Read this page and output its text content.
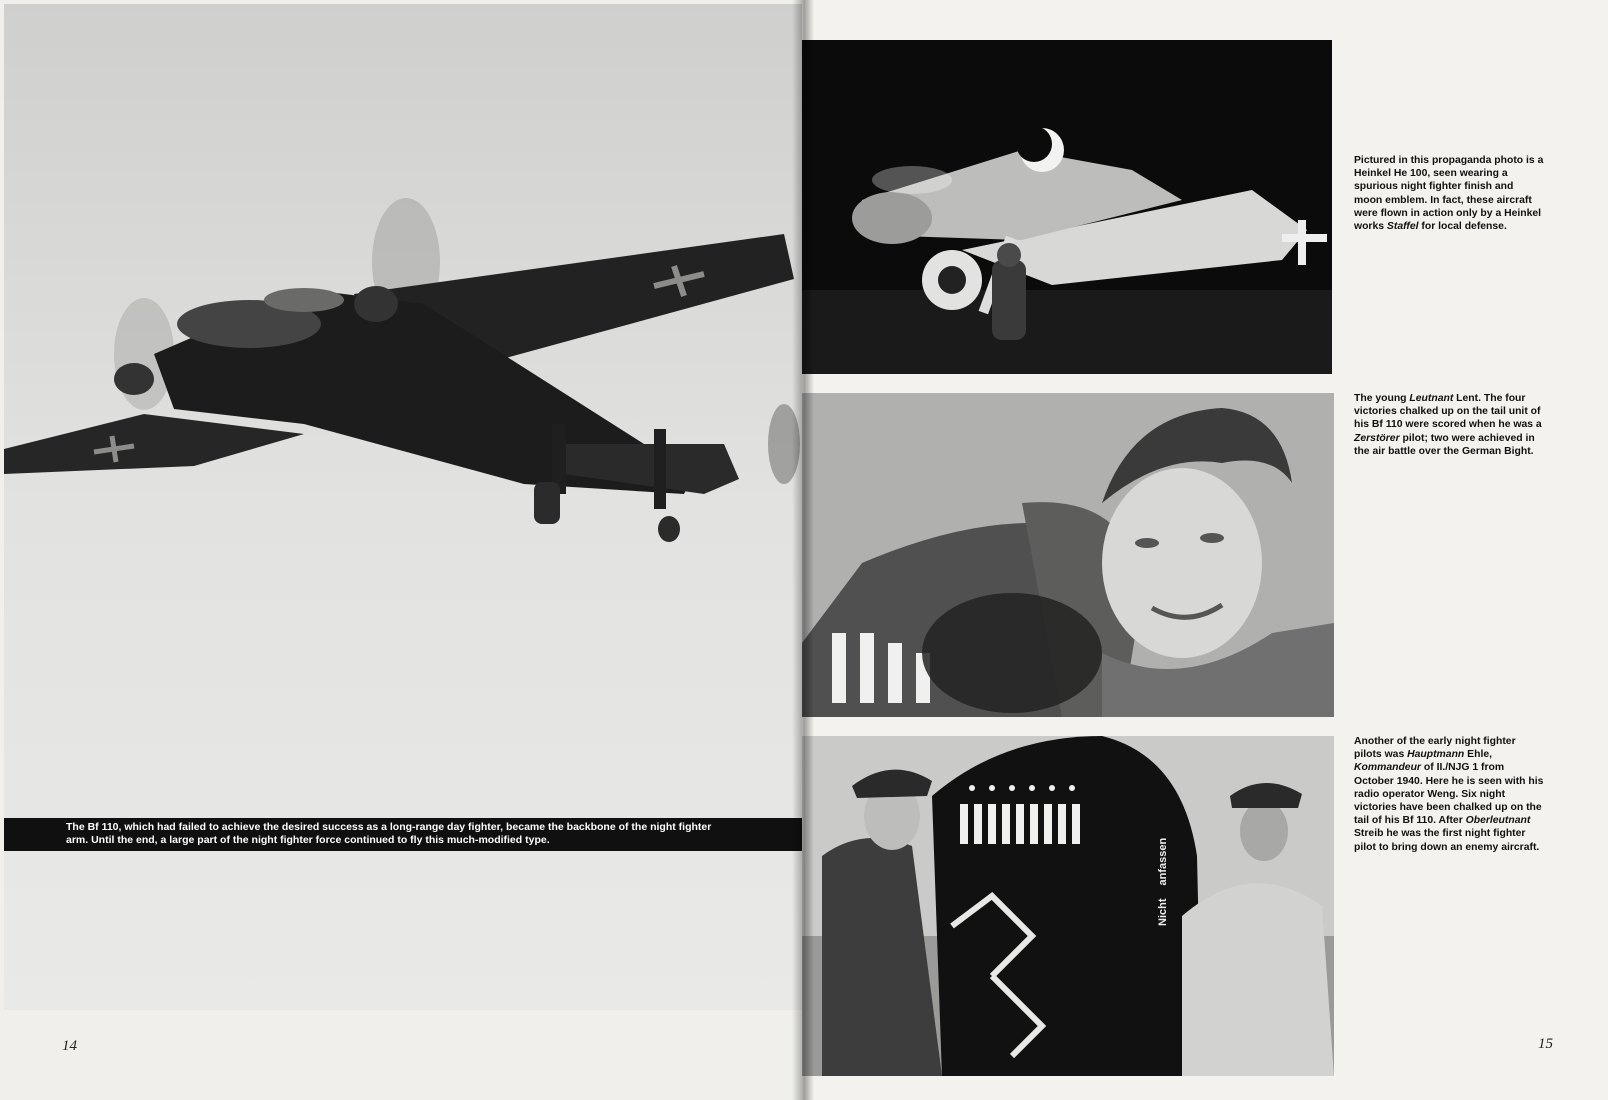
The Bf 110, which had failed to achieve the desired success as a long-range day fighter, became the backbone of the night fighter arm. Until the end, a large part of the night fighter force continued to fly this much-modified type.
14
Nicht anfassen
Pictured in this propaganda photo is a Heinkel He 100, seen wearing a spurious night fighter finish and moon emblem. In fact, these aircraft were flown in action only by a Heinkel works Staffel for local defense.
The young Leutnant Lent. The four victories chalked up on the tail unit of his Bf 110 were scored when he was a Zerstörer pilot; two were achieved in the air battle over the German Bight.
Another of the early night fighter pilots was Hauptmann Ehle, Kommandeur of II./NJG 1 from October 1940. Here he is seen with his radio operator Weng. Six night victories have been chalked up on the tail of his Bf 110. After Oberleutnant Streib he was the first night fighter pilot to bring down an enemy aircraft.
15
